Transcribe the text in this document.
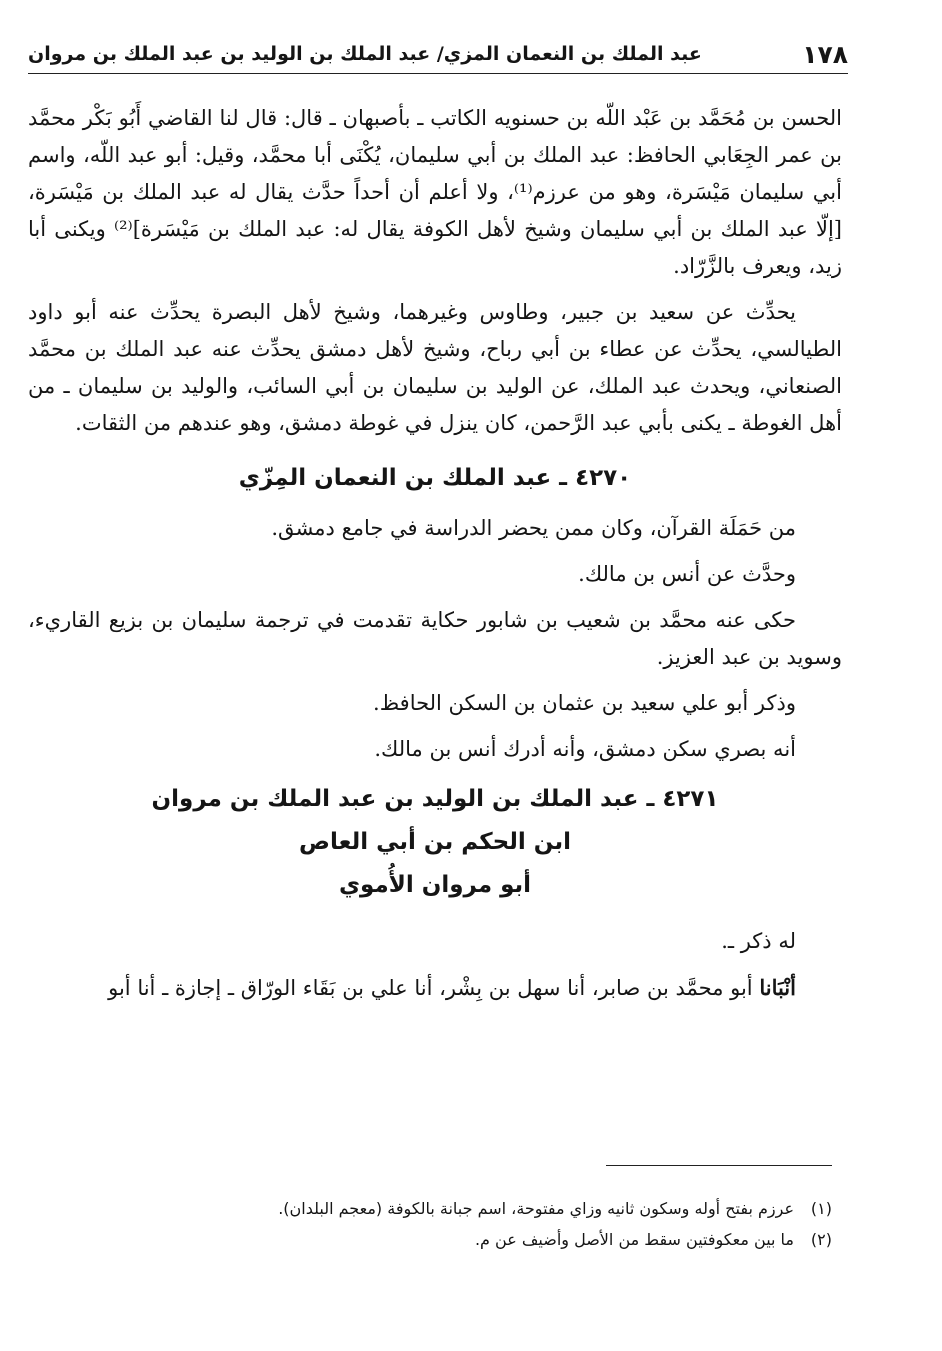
١٧٨
عبد الملك بن النعمان المزي/ عبد الملك بن الوليد بن عبد الملك بن مروان

الحسن بن مُحَمَّد بن عَبْد اللّه بن حسنويه الكاتب ـ بأصبهان ـ قال: قال لنا القاضي أَبُو بَكْر محمَّد بن عمر الجِعَابي الحافظ: عبد الملك بن أبي سليمان، يُكْنَى أبا محمَّد، وقيل: أبو عبد اللّه، واسم أبي سليمان مَيْسَرة، وهو من عرزم⁽¹⁾، ولا أعلم أن أحداً حدَّث يقال له عبد الملك بن مَيْسَرة، [إلّا عبد الملك بن أبي سليمان وشيخ لأهل الكوفة يقال له: عبد الملك بن مَيْسَرة]⁽²⁾ ويكنى أبا زيد، ويعرف بالزَّرّاد.

يحدِّث عن سعيد بن جبير، وطاوس وغيرهما، وشيخ لأهل البصرة يحدِّث عنه أبو داود الطيالسي، يحدِّث عن عطاء بن أبي رباح، وشيخ لأهل دمشق يحدِّث عنه عبد الملك بن محمَّد الصنعاني، ويحدث عبد الملك، عن الوليد بن سليمان بن أبي السائب، والوليد بن سليمان ـ من أهل الغوطة ـ يكنى بأبي عبد الرَّحمن، كان ينزل في غوطة دمشق، وهو عندهم من الثقات.

٤٢٧٠ ـ عبد الملك بن النعمان المِزّي

من حَمَلَة القرآن، وكان ممن يحضر الدراسة في جامع دمشق.

وحدَّث عن أنس بن مالك.

حكى عنه محمَّد بن شعيب بن شابور حكاية تقدمت في ترجمة سليمان بن بزيع القاريء، وسويد بن عبد العزيز.

وذكر أبو علي سعيد بن عثمان بن السكن الحافظ.

أنه بصري سكن دمشق، وأنه أدرك أنس بن مالك.

٤٢٧١ ـ عبد الملك بن الوليد بن عبد الملك بن مروان
ابن الحكم بن أبي العاص
أبو مروان الأُموي

له ذكر ـ.

أنْبَانا أبو محمَّد بن صابر، أنا سهل بن بِشْر، أنا علي بن بَقَاء الورّاق ـ إجازة ـ أنا أبو

(١)عرزم بفتح أوله وسكون ثانيه وزاي مفتوحة، اسم جبانة بالكوفة (معجم البلدان).
(٢)ما بين معكوفتين سقط من الأصل وأضيف عن م.
